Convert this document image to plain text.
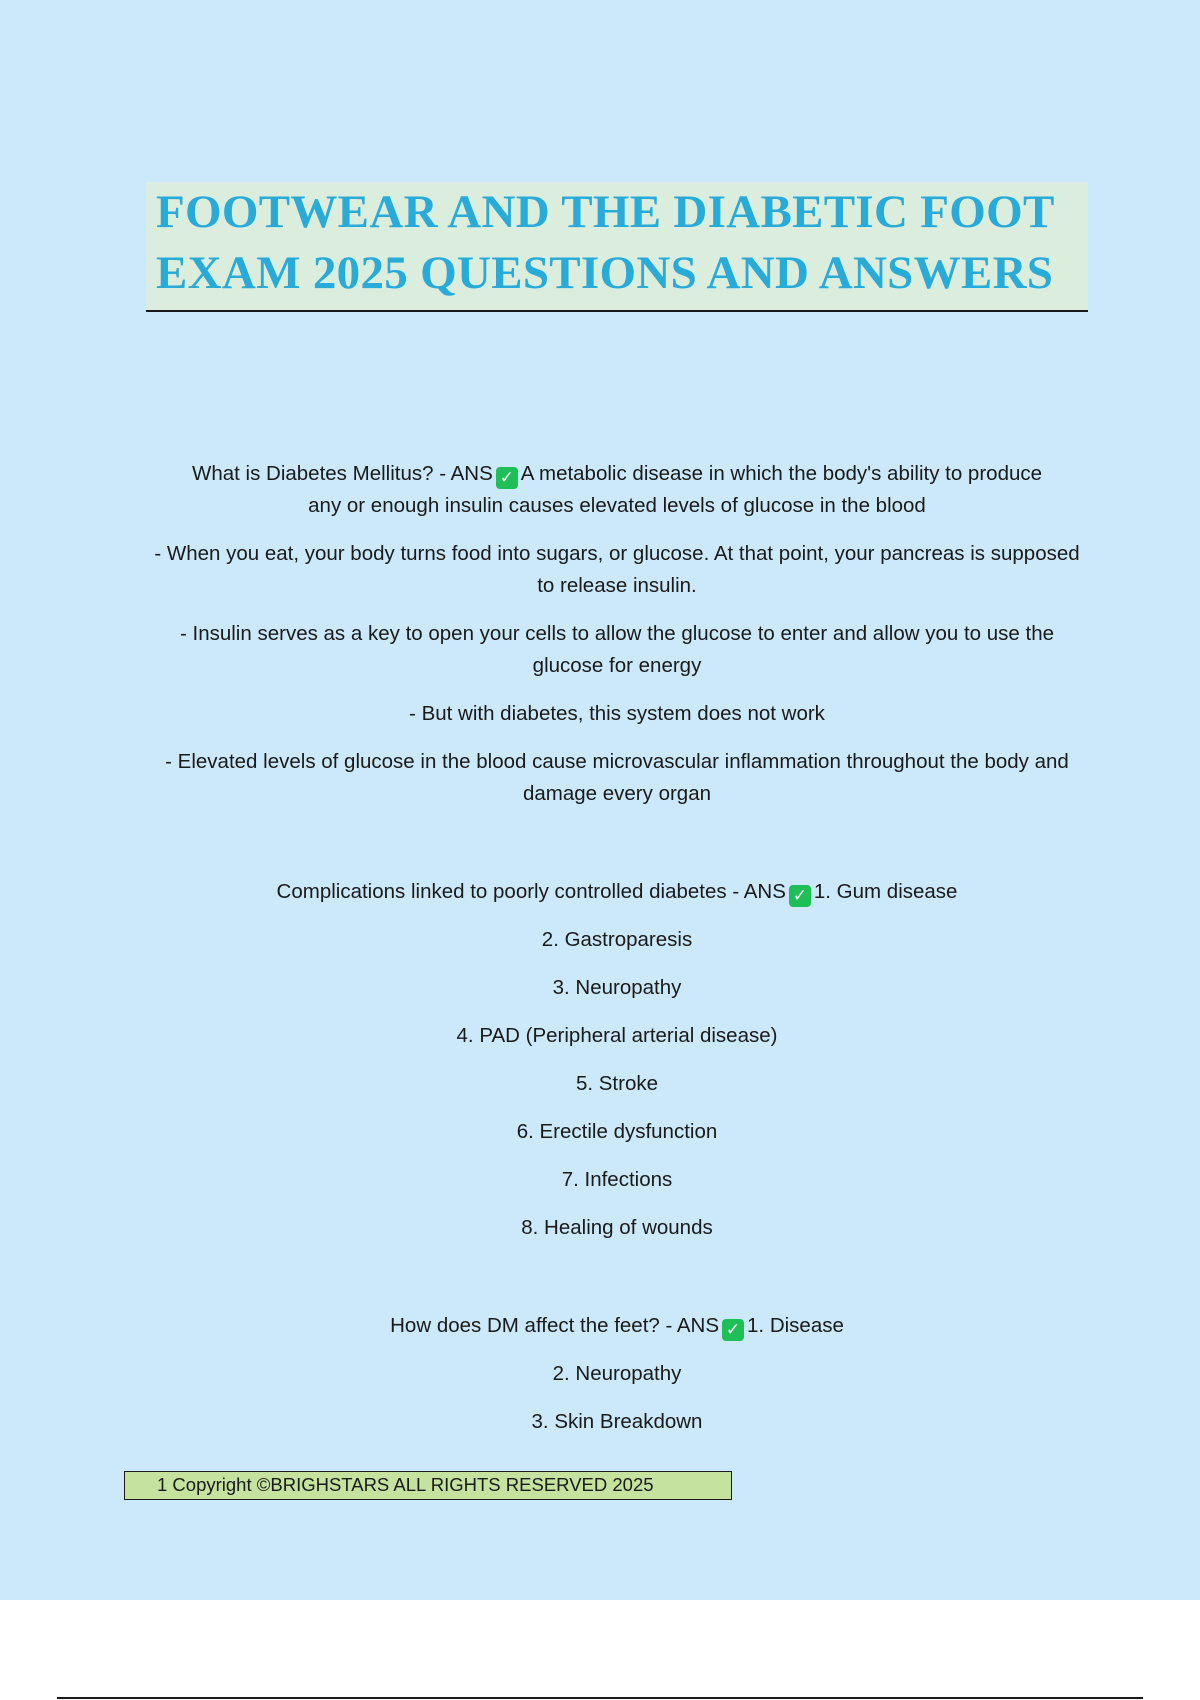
FOOTWEAR AND THE DIABETIC FOOT
EXAM 2025 QUESTIONS AND ANSWERS
What is Diabetes Mellitus? - ANS ✓ A metabolic disease in which the body's ability to produce
any or enough insulin causes elevated levels of glucose in the blood
- When you eat, your body turns food into sugars, or glucose. At that point, your pancreas is supposed to release insulin.
- Insulin serves as a key to open your cells to allow the glucose to enter and allow you to use the glucose for energy
- But with diabetes, this system does not work
- Elevated levels of glucose in the blood cause microvascular inflammation throughout the body and damage every organ
Complications linked to poorly controlled diabetes - ANS ✓ 1. Gum disease
2. Gastroparesis
3. Neuropathy
4. PAD (Peripheral arterial disease)
5. Stroke
6. Erectile dysfunction
7. Infections
8. Healing of wounds
How does DM affect the feet? - ANS ✓ 1. Disease
2. Neuropathy
3. Skin Breakdown
1 Copyright ©BRIGHSTARS ALL RIGHTS RESERVED 2025
